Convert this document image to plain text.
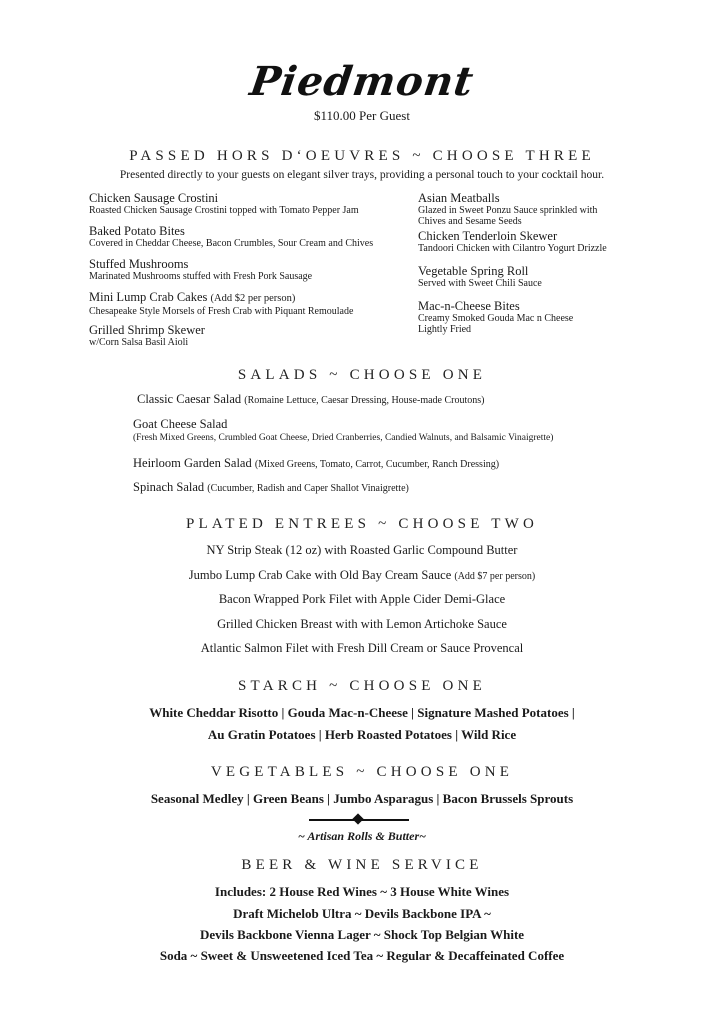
Piedmont
$110.00 Per Guest
PASSED HORS D‘OEUVRES ~ CHOOSE THREE
Presented directly to your guests on elegant silver trays, providing a personal touch to your cocktail hour.
Chicken Sausage Crostini
Roasted Chicken Sausage Crostini topped with Tomato Pepper Jam
Baked Potato Bites
Covered in Cheddar Cheese, Bacon Crumbles, Sour Cream and Chives
Stuffed Mushrooms
Marinated Mushrooms stuffed with Fresh Pork Sausage
Mini Lump Crab Cakes (Add $2 per person)
Chesapeake Style Morsels of Fresh Crab with Piquant Remoulade
Grilled Shrimp Skewer
w/Corn Salsa Basil Aioli
Asian Meatballs
Glazed in Sweet Ponzu Sauce sprinkled with
Chives and Sesame Seeds
Chicken Tenderloin Skewer
Tandoori Chicken with Cilantro Yogurt Drizzle
Vegetable Spring Roll
Served with Sweet Chili Sauce
Mac-n-Cheese Bites
Creamy Smoked Gouda Mac n Cheese
Lightly Fried
SALADS ~ CHOOSE ONE
Classic Caesar Salad (Romaine Lettuce, Caesar Dressing, House-made Croutons)
Goat Cheese Salad
(Fresh Mixed Greens, Crumbled Goat Cheese, Dried Cranberries, Candied Walnuts, and Balsamic Vinaigrette)
Heirloom Garden Salad (Mixed Greens, Tomato, Carrot, Cucumber, Ranch Dressing)
Spinach Salad (Cucumber, Radish and Caper Shallot Vinaigrette)
PLATED ENTREES ~ CHOOSE TWO
NY Strip Steak (12 oz) with Roasted Garlic Compound Butter
Jumbo Lump Crab Cake with Old Bay Cream Sauce (Add $7 per person)
Bacon Wrapped Pork Filet with Apple Cider Demi-Glace
Grilled Chicken Breast with with Lemon Artichoke Sauce
Atlantic Salmon Filet with Fresh Dill Cream or Sauce Provencal
STARCH ~ CHOOSE ONE
White Cheddar Risotto | Gouda Mac-n-Cheese | Signature Mashed Potatoes |
Au Gratin Potatoes | Herb Roasted Potatoes | Wild Rice
VEGETABLES ~ CHOOSE ONE
Seasonal Medley | Green Beans | Jumbo Asparagus | Bacon Brussels Sprouts
~ Artisan Rolls & Butter~
BEER & WINE SERVICE
Includes: 2 House Red Wines ~ 3 House White Wines
Draft Michelob Ultra ~ Devils Backbone IPA ~
Devils Backbone Vienna Lager ~ Shock Top Belgian White
Soda ~ Sweet & Unsweetened Iced Tea ~ Regular & Decaffeinated Coffee
